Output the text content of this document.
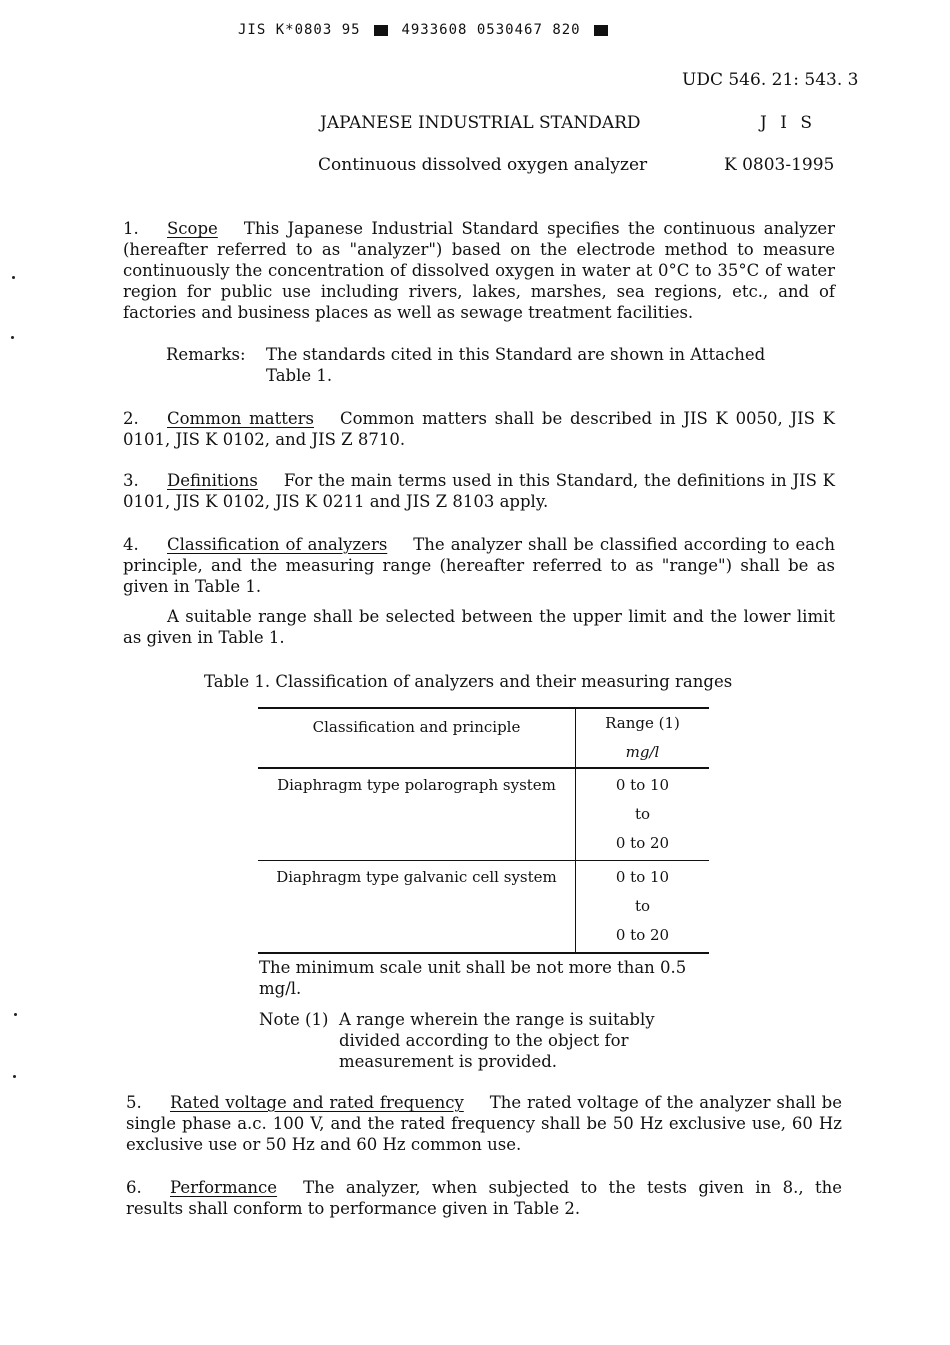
JIS K*0803 95	4933608 0530467 820
UDC 546. 21: 543. 3
JAPANESE INDUSTRIAL STANDARD	J I S
Continuous dissolved oxygen analyzer	K 0803-1995
1. Scope This Japanese Industrial Standard specifies the continuous analyzer (hereafter referred to as "analyzer") based on the electrode method to measure continuously the concentration of dissolved oxygen in water at 0°C to 35°C of water region for public use including rivers, lakes, marshes, sea regions, etc., and of factories and business places as well as sewage treatment facilities.
Remarks: The standards cited in this Standard are shown in Attached Table 1.
2. Common matters Common matters shall be described in JIS K 0050, JIS K 0101, JIS K 0102, and JIS Z 8710.
3. Definitions For the main terms used in this Standard, the definitions in JIS K 0101, JIS K 0102, JIS K 0211 and JIS Z 8103 apply.
4. Classification of analyzers The analyzer shall be classified according to each principle, and the measuring range (hereafter referred to as "range") shall be as given in Table 1.
A suitable range shall be selected between the upper limit and the lower limit as given in Table 1.
Table 1. Classification of analyzers and their measuring ranges
Classification and principle	Range (1)
mg/l

Diaphragm type polarograph system	0 to 10
to
0 to 20

Diaphragm type galvanic cell system	0 to 10
to
0 to 20
The minimum scale unit shall be not more than 0.5 mg/l.
Note (1) A range wherein the range is suitably divided according to the object for measurement is provided.
5. Rated voltage and rated frequency The rated voltage of the analyzer shall be single phase a.c. 100 V, and the rated frequency shall be 50 Hz exclusive use, 60 Hz exclusive use or 50 Hz and 60 Hz common use.
6. Performance The analyzer, when subjected to the tests given in 8., the results shall conform to performance given in Table 2.
